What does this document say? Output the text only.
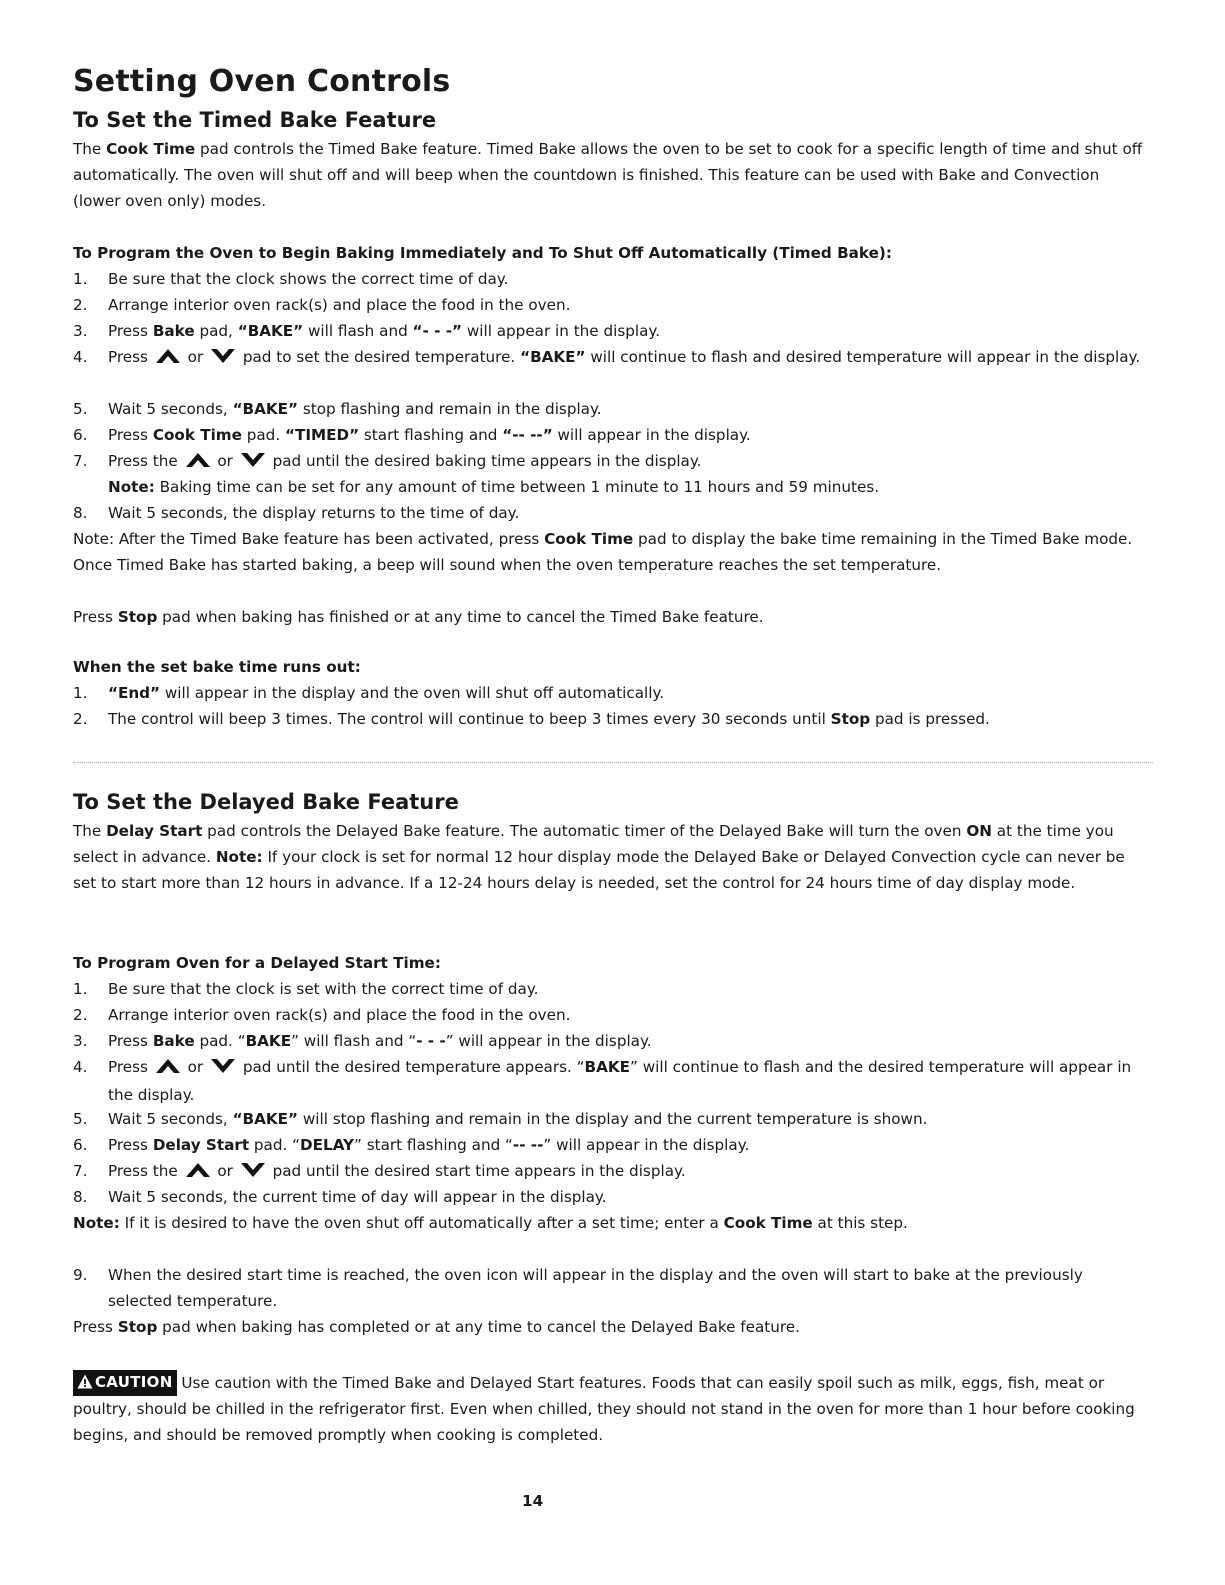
Setting Oven Controls
To Set the Timed Bake Feature

The Cook Time pad controls the Timed Bake feature. Timed Bake allows the oven to be set to cook for a specific length of time and shut off automatically. The oven will shut off and will beep when the countdown is finished. This feature can be used with Bake and Convection (lower oven only) modes.

To Program the Oven to Begin Baking Immediately and To Shut Off Automatically (Timed Bake):

1. Be sure that the clock shows the correct time of day.
2. Arrange interior oven rack(s) and place the food in the oven.
3. Press Bake pad, “BAKE” will flash and “- - -” will appear in the display.
4. Press  or  pad to set the desired temperature. “BAKE” will continue to flash and desired temperature will appear in the display.
5. Wait 5 seconds, “BAKE” stop flashing and remain in the display.
6. Press Cook Time pad. “TIMED” start flashing and “-- --” will appear in the display.
7. Press the  or  pad until the desired baking time appears in the display.
Note: Baking time can be set for any amount of time between 1 minute to 11 hours and 59 minutes.
8. Wait 5 seconds, the display returns to the time of day.

Note: After the Timed Bake feature has been activated, press Cook Time pad to display the bake time remaining in the Timed Bake mode. Once Timed Bake has started baking, a beep will sound when the oven temperature reaches the set temperature.

Press Stop pad when baking has finished or at any time to cancel the Timed Bake feature.

When the set bake time runs out:

1. “End” will appear in the display and the oven will shut off automatically.
2. The control will beep 3 times. The control will continue to beep 3 times every 30 seconds until Stop pad is pressed.
To Set the Delayed Bake Feature

The Delay Start pad controls the Delayed Bake feature. The automatic timer of the Delayed Bake will turn the oven ON at the time you select in advance. Note: If your clock is set for normal 12 hour display mode the Delayed Bake or Delayed Convection cycle can never be set to start more than 12 hours in advance. If a 12-24 hours delay is needed, set the control for 24 hours time of day display mode.

To Program Oven for a Delayed Start Time:

1. Be sure that the clock is set with the correct time of day.
2. Arrange interior oven rack(s) and place the food in the oven.
3. Press Bake pad. “BAKE” will flash and “- - -” will appear in the display.
4. Press  or  pad until the desired temperature appears. “BAKE” will continue to flash and the desired temperature will appear in the display.
5. Wait 5 seconds, “BAKE” will stop flashing and remain in the display and the current temperature is shown.
6. Press Delay Start pad. “DELAY” start flashing and “-- --” will appear in the display.
7. Press the  or  pad until the desired start time appears in the display.
8. Wait 5 seconds, the current time of day will appear in the display.

Note: If it is desired to have the oven shut off automatically after a set time; enter a Cook Time at this step.

9. When the desired start time is reached, the oven icon will appear in the display and the oven will start to bake at the previously selected temperature.

Press Stop pad when baking has completed or at any time to cancel the Delayed Bake feature.

CAUTION Use caution with the Timed Bake and Delayed Start features. Foods that can easily spoil such as milk, eggs, fish, meat or poultry, should be chilled in the refrigerator first. Even when chilled, they should not stand in the oven for more than 1 hour before cooking begins, and should be removed promptly when cooking is completed.

14
